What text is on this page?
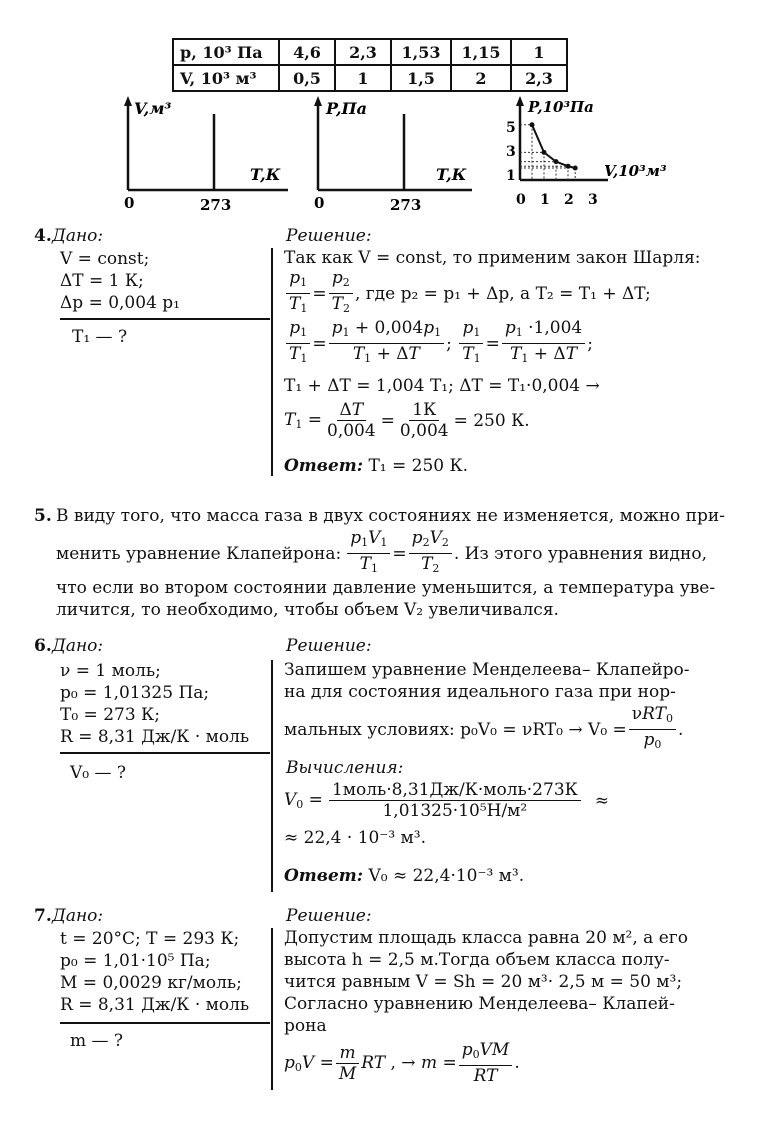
p, 10³ Па	4,6	2,3	1,53	1,15	1
V, 10³ м³	0,5	1	1,5	2	2,3
V,м³
T,К
0	273
P,Па
T,К
0	273
P,10³Па
V,10³м³
5
3
1
0 1 2 3
4. Дано:
V = const;
ΔT = 1 К;
Δp = 0,004 p₁
T₁ — ?
Решение:
Так как V = const, то применим закон Шарля:
$\frac{p_1}{T_1} = \frac{p_2}{T_2}$ , где p₂ = p₁ + Δp, а T₂ = T₁ + ΔT;
$\frac{p_1}{T_1} = \frac{p_1 + 0,004p_1}{T_1 + \Delta T}$ ; $\frac{p_1}{T_1} = \frac{p_1 \cdot 1,004}{T_1 + \Delta T}$ ;
T₁ + ΔT = 1,004 T₁; ΔT = T₁·0,004 →
$T_1 = \frac{\Delta T}{0,004} = \frac{1К}{0,004} = 250$ К.
Ответ: T₁ = 250 К.
5. В виду того, что масса газа в двух состояниях не изменяется, можно при-
менить уравнение Клапейрона: $\frac{p_1V_1}{T_1} = \frac{p_2V_2}{T_2}$ . Из этого уравнения видно,
что если во втором состоянии давление уменьшится, а температура уве-
личится, то необходимо, чтобы объем V₂ увеличивался.
6. Дано:
ν = 1 моль;
p₀ = 1,01325 Па;
T₀ = 273 К;
R = 8,31 Дж/К · моль
V₀ — ?
Решение:
Запишем уравнение Менделеева– Клапейро-
на для состояния идеального газа при нор-
мальных условиях: $p_0V_0 = \nu RT_0 \to V_0 = \frac{\nu RT_0}{p_0}$ .
Вычисления:
$V_0 = \frac{\text{1моль·8,31Дж/К·моль·273К}}{\text{1,01325·10⁵Н/м²}}$ ≈
≈ 22,4 · 10⁻³ м³.
Ответ: V₀ ≈ 22,4·10⁻³ м³.
7. Дано:
t = 20°С; T = 293 К;
p₀ = 1,01·10⁵ Па;
M = 0,0029 кг/моль;
R = 8,31 Дж/К · моль
m — ?
Решение:
Допустим площадь класса равна 20 м², а его
высота h = 2,5 м.Тогда объем класса полу-
чится равным V = Sh = 20 м³· 2,5 м = 50 м³;
Согласно уравнению Менделеева– Клапей-
рона
$p_0V = \frac{m}{M}$ RT , → $m = \frac{p_0VM}{RT}$ .
